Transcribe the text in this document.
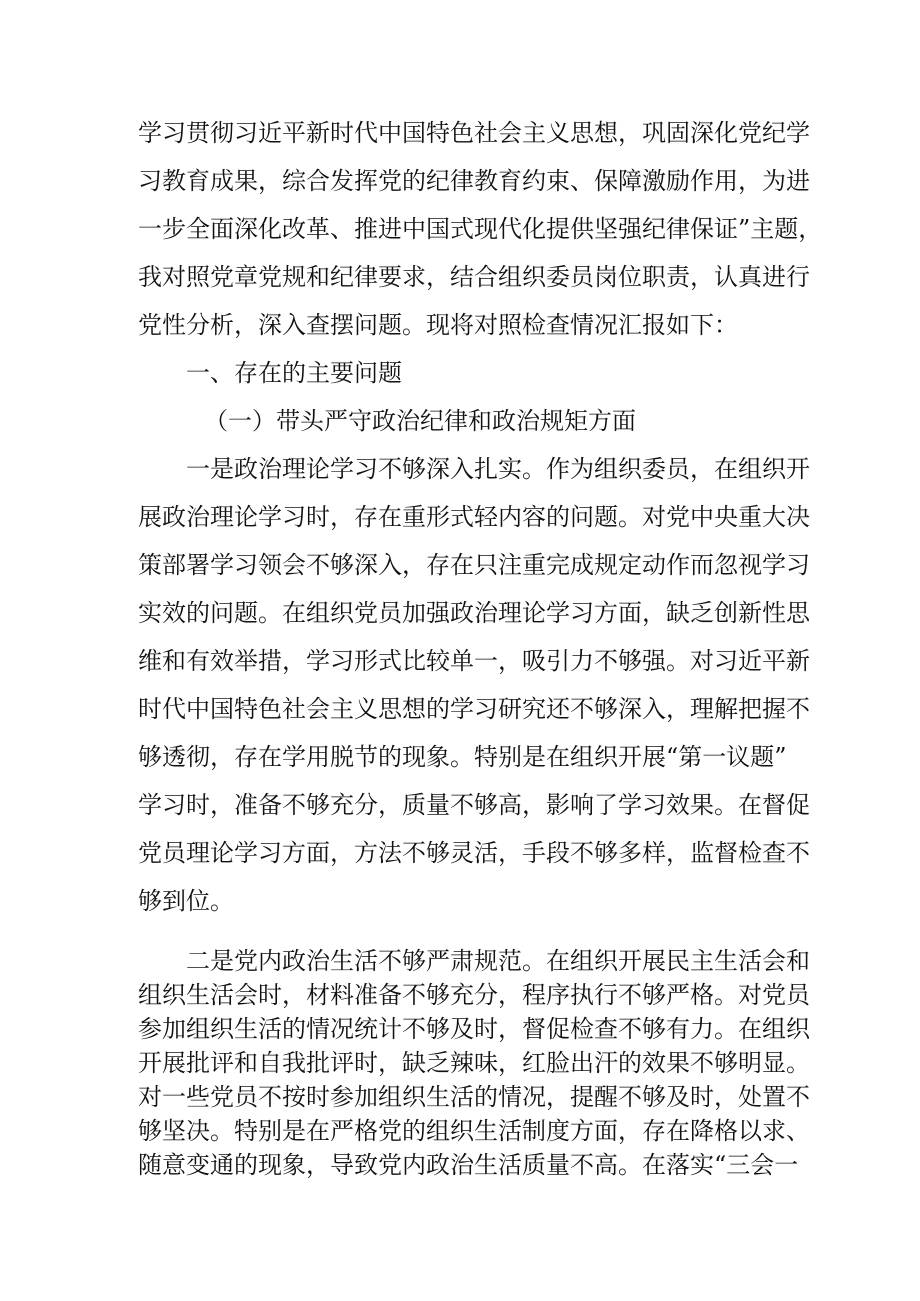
学习贯彻习近平新时代中国特色社会主义思想，巩固深化党纪学
习教育成果，综合发挥党的纪律教育约束、保障激励作用，为进
一步全面深化改革、推进中国式现代化提供坚强纪律保证”主题，
我对照党章党规和纪律要求，结合组织委员岗位职责，认真进行
党性分析，深入查摆问题。现将对照检查情况汇报如下：
一、存在的主要问题
（一）带头严守政治纪律和政治规矩方面
一是政治理论学习不够深入扎实。作为组织委员，在组织开
展政治理论学习时，存在重形式轻内容的问题。对党中央重大决
策部署学习领会不够深入，存在只注重完成规定动作而忽视学习
实效的问题。在组织党员加强政治理论学习方面，缺乏创新性思
维和有效举措，学习形式比较单一，吸引力不够强。对习近平新
时代中国特色社会主义思想的学习研究还不够深入，理解把握不
够透彻，存在学用脱节的现象。特别是在组织开展“第一议题”
学习时，准备不够充分，质量不够高，影响了学习效果。在督促
党员理论学习方面，方法不够灵活，手段不够多样，监督检查不
够到位。
二是党内政治生活不够严肃规范。在组织开展民主生活会和
组织生活会时，材料准备不够充分，程序执行不够严格。对党员
参加组织生活的情况统计不够及时，督促检查不够有力。在组织
开展批评和自我批评时，缺乏辣味，红脸出汗的效果不够明显。
对一些党员不按时参加组织生活的情况，提醒不够及时，处置不
够坚决。特别是在严格党的组织生活制度方面，存在降格以求、
随意变通的现象，导致党内政治生活质量不高。在落实“三会一
